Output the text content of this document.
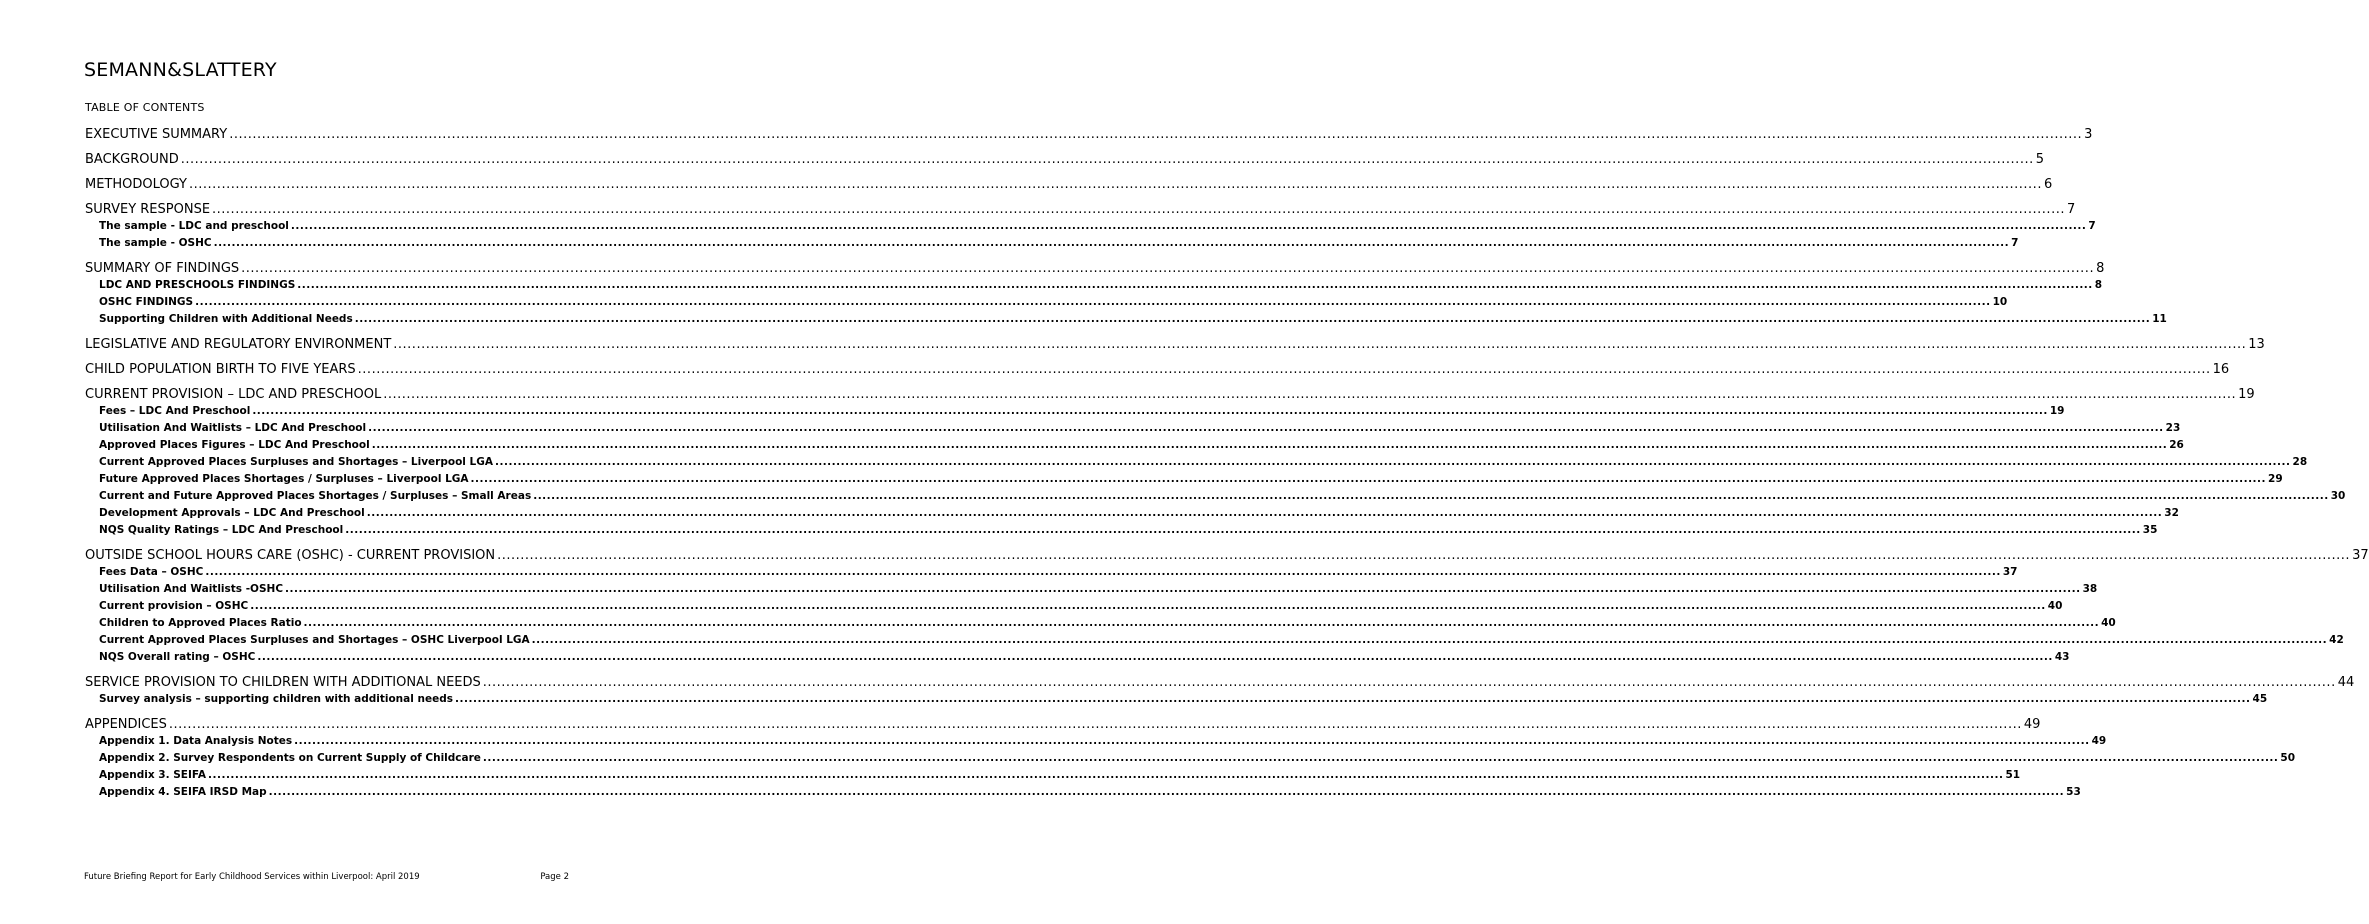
SEMANN&SLATTERY
TABLE OF CONTENTS
EXECUTIVE SUMMARY ................................................................................................................................................................................................................................................................................................................................................................................................................ 3
BACKGROUND ................................................................................................................................................................................................................................................................................................................................................................................................................ 5
METHODOLOGY ................................................................................................................................................................................................................................................................................................................................................................................................................ 6
SURVEY RESPONSE ................................................................................................................................................................................................................................................................................................................................................................................................................ 7
The sample - LDC and preschool ................................................................................................................................................................................................................................................................................................................................................................................................................ 7
The sample - OSHC ................................................................................................................................................................................................................................................................................................................................................................................................................ 7
SUMMARY OF FINDINGS ................................................................................................................................................................................................................................................................................................................................................................................................................ 8
LDC AND PRESCHOOLS FINDINGS ................................................................................................................................................................................................................................................................................................................................................................................................................ 8
OSHC FINDINGS ................................................................................................................................................................................................................................................................................................................................................................................................................ 10
Supporting Children with Additional Needs ................................................................................................................................................................................................................................................................................................................................................................................................................ 11
LEGISLATIVE AND REGULATORY ENVIRONMENT ................................................................................................................................................................................................................................................................................................................................................................................................................ 13
CHILD POPULATION BIRTH TO FIVE YEARS ................................................................................................................................................................................................................................................................................................................................................................................................................ 16
CURRENT PROVISION – LDC AND PRESCHOOL ................................................................................................................................................................................................................................................................................................................................................................................................................ 19
Fees – LDC And Preschool ................................................................................................................................................................................................................................................................................................................................................................................................................ 19
Utilisation And Waitlists – LDC And Preschool ................................................................................................................................................................................................................................................................................................................................................................................................................ 23
Approved Places Figures – LDC And Preschool ................................................................................................................................................................................................................................................................................................................................................................................................................ 26
Current Approved Places Surpluses and Shortages – Liverpool LGA ................................................................................................................................................................................................................................................................................................................................................................................................................ 28
Future Approved Places Shortages / Surpluses – Liverpool LGA ................................................................................................................................................................................................................................................................................................................................................................................................................ 29
Current and Future Approved Places Shortages / Surpluses – Small Areas ................................................................................................................................................................................................................................................................................................................................................................................................................ 30
Development Approvals – LDC And Preschool ................................................................................................................................................................................................................................................................................................................................................................................................................ 32
NQS Quality Ratings – LDC And Preschool ................................................................................................................................................................................................................................................................................................................................................................................................................ 35
OUTSIDE SCHOOL HOURS CARE (OSHC) - CURRENT PROVISION ................................................................................................................................................................................................................................................................................................................................................................................................................ 37
Fees Data – OSHC ................................................................................................................................................................................................................................................................................................................................................................................................................ 37
Utilisation And Waitlists -OSHC ................................................................................................................................................................................................................................................................................................................................................................................................................ 38
Current provision – OSHC ................................................................................................................................................................................................................................................................................................................................................................................................................ 40
Children to Approved Places Ratio ................................................................................................................................................................................................................................................................................................................................................................................................................ 40
Current Approved Places Surpluses and Shortages – OSHC Liverpool LGA ................................................................................................................................................................................................................................................................................................................................................................................................................ 42
NQS Overall rating – OSHC ................................................................................................................................................................................................................................................................................................................................................................................................................ 43
SERVICE PROVISION TO CHILDREN WITH ADDITIONAL NEEDS ................................................................................................................................................................................................................................................................................................................................................................................................................ 44
Survey analysis – supporting children with additional needs ................................................................................................................................................................................................................................................................................................................................................................................................................ 45
APPENDICES ................................................................................................................................................................................................................................................................................................................................................................................................................ 49
Appendix 1. Data Analysis Notes ................................................................................................................................................................................................................................................................................................................................................................................................................ 49
Appendix 2. Survey Respondents on Current Supply of Childcare ................................................................................................................................................................................................................................................................................................................................................................................................................ 50
Appendix 3. SEIFA ................................................................................................................................................................................................................................................................................................................................................................................................................ 51
Appendix 4. SEIFA IRSD Map ................................................................................................................................................................................................................................................................................................................................................................................................................ 53
Future Briefing Report for Early Childhood Services within Liverpool: April 2019	Page 2
